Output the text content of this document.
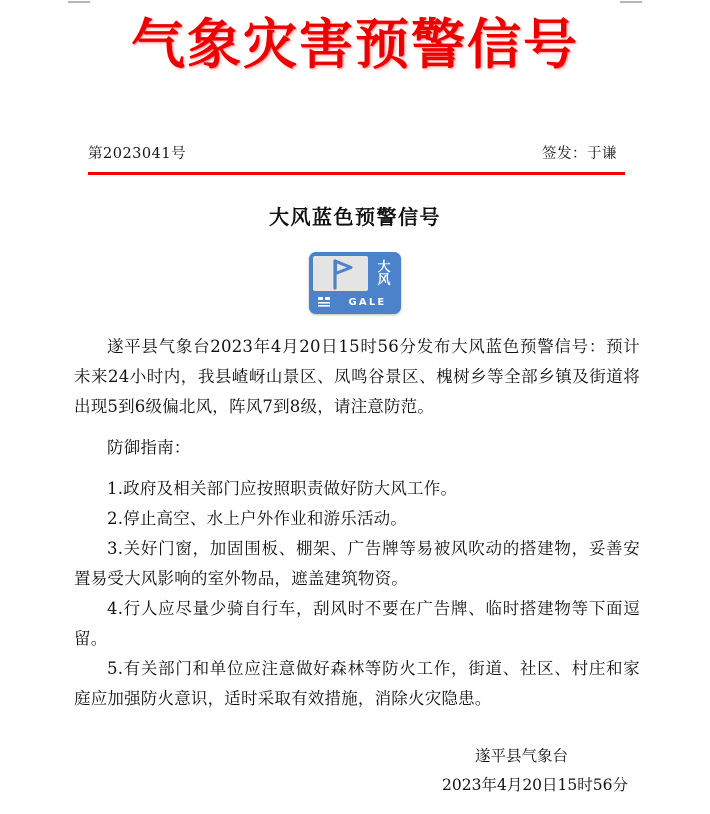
气象灾害预警信号
第2023041号	签发：于谦
大风蓝色预警信号
大
风
GALE

遂平县气象台2023年4月20日15时56分发布大风蓝色预警信号：预计未来24小时内，我县嵖岈山景区、凤鸣谷景区、槐树乡等全部乡镇及街道将出现5到6级偏北风，阵风7到8级，请注意防范。

防御指南：

1.政府及相关部门应按照职责做好防大风工作。

2.停止高空、水上户外作业和游乐活动。

3.关好门窗，加固围板、棚架、广告牌等易被风吹动的搭建物，妥善安置易受大风影响的室外物品，遮盖建筑物资。

4.行人应尽量少骑自行车，刮风时不要在广告牌、临时搭建物等下面逗留。

5.有关部门和单位应注意做好森林等防火工作，街道、社区、村庄和家庭应加强防火意识，适时采取有效措施，消除火灾隐患。

遂平县气象台
2023年4月20日15时56分
